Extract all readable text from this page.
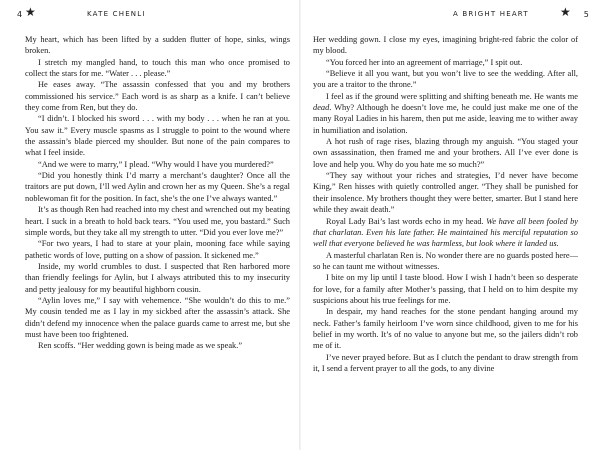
4 ★	KATE CHENLI

My heart, which has been lifted by a sudden flutter of hope, sinks, wings broken.

I stretch my mangled hand, to touch this man who once promised to collect the stars for me. “Water . . . please.”

He eases away. “The assassin confessed that you and my brothers commissioned his service.” Each word is as sharp as a knife. I can’t believe they come from Ren, but they do.

“I didn’t. I blocked his sword . . . with my body . . . when he ran at you. You saw it.” Every muscle spasms as I struggle to point to the wound where the assassin’s blade pierced my shoulder. But none of the pain compares to what I feel inside.

“And we were to marry,” I plead. “Why would I have you murdered?”

“Did you honestly think I’d marry a merchant’s daughter? Once all the traitors are put down, I’ll wed Aylin and crown her as my Queen. She’s a regal noblewoman fit for the position. In fact, she’s the one I’ve always wanted.”

It’s as though Ren had reached into my chest and wrenched out my beating heart. I suck in a breath to hold back tears. “You used me, you bastard.” Such simple words, but they take all my strength to utter. “Did you ever love me?”

“For two years, I had to stare at your plain, mooning face while saying pathetic words of love, putting on a show of passion. It sickened me.”

Inside, my world crumbles to dust. I suspected that Ren harbored more than friendly feelings for Aylin, but I always attributed this to my insecurity and petty jealousy for my beautiful highborn cousin.

“Aylin loves me,” I say with vehemence. “She wouldn’t do this to me.” My cousin tended me as I lay in my sickbed after the assassin’s attack. She didn’t defend my innocence when the palace guards came to arrest me, but she must have been too frightened.

Ren scoffs. “Her wedding gown is being made as we speak.”

A BRIGHT HEART	★ 5

Her wedding gown. I close my eyes, imagining bright-red fabric the color of my blood.

“You forced her into an agreement of marriage,” I spit out.

“Believe it all you want, but you won’t live to see the wedding. After all, you are a traitor to the throne.”

I feel as if the ground were splitting and shifting beneath me. He wants me dead. Why? Although he doesn’t love me, he could just make me one of the many Royal Ladies in his harem, then put me aside, leaving me to wither away in humiliation and isolation.

A hot rush of rage rises, blazing through my anguish. “You staged your own assassination, then framed me and your brothers. All I’ve ever done is love and help you. Why do you hate me so much?”

“They say without your riches and strategies, I’d never have become King,” Ren hisses with quietly controlled anger. “They shall be punished for their insolence. My brothers thought they were better, smarter. But I stand here while they await death.”

Royal Lady Bai’s last words echo in my head. We have all been fooled by that charlatan. Even his late father. He maintained his merciful reputation so well that everyone believed he was harmless, but look where it landed us.

A masterful charlatan Ren is. No wonder there are no guards posted here—so he can taunt me without witnesses.

I bite on my lip until I taste blood. How I wish I hadn’t been so desperate for love, for a family after Mother’s passing, that I held on to him despite my suspicions about his true feelings for me.

In despair, my hand reaches for the stone pendant hanging around my neck. Father’s family heirloom I’ve worn since childhood, given to me for his belief in my worth. It’s of no value to anyone but me, so the jailers didn’t rob me of it.

I’ve never prayed before. But as I clutch the pendant to draw strength from it, I send a fervent prayer to all the gods, to any divine
